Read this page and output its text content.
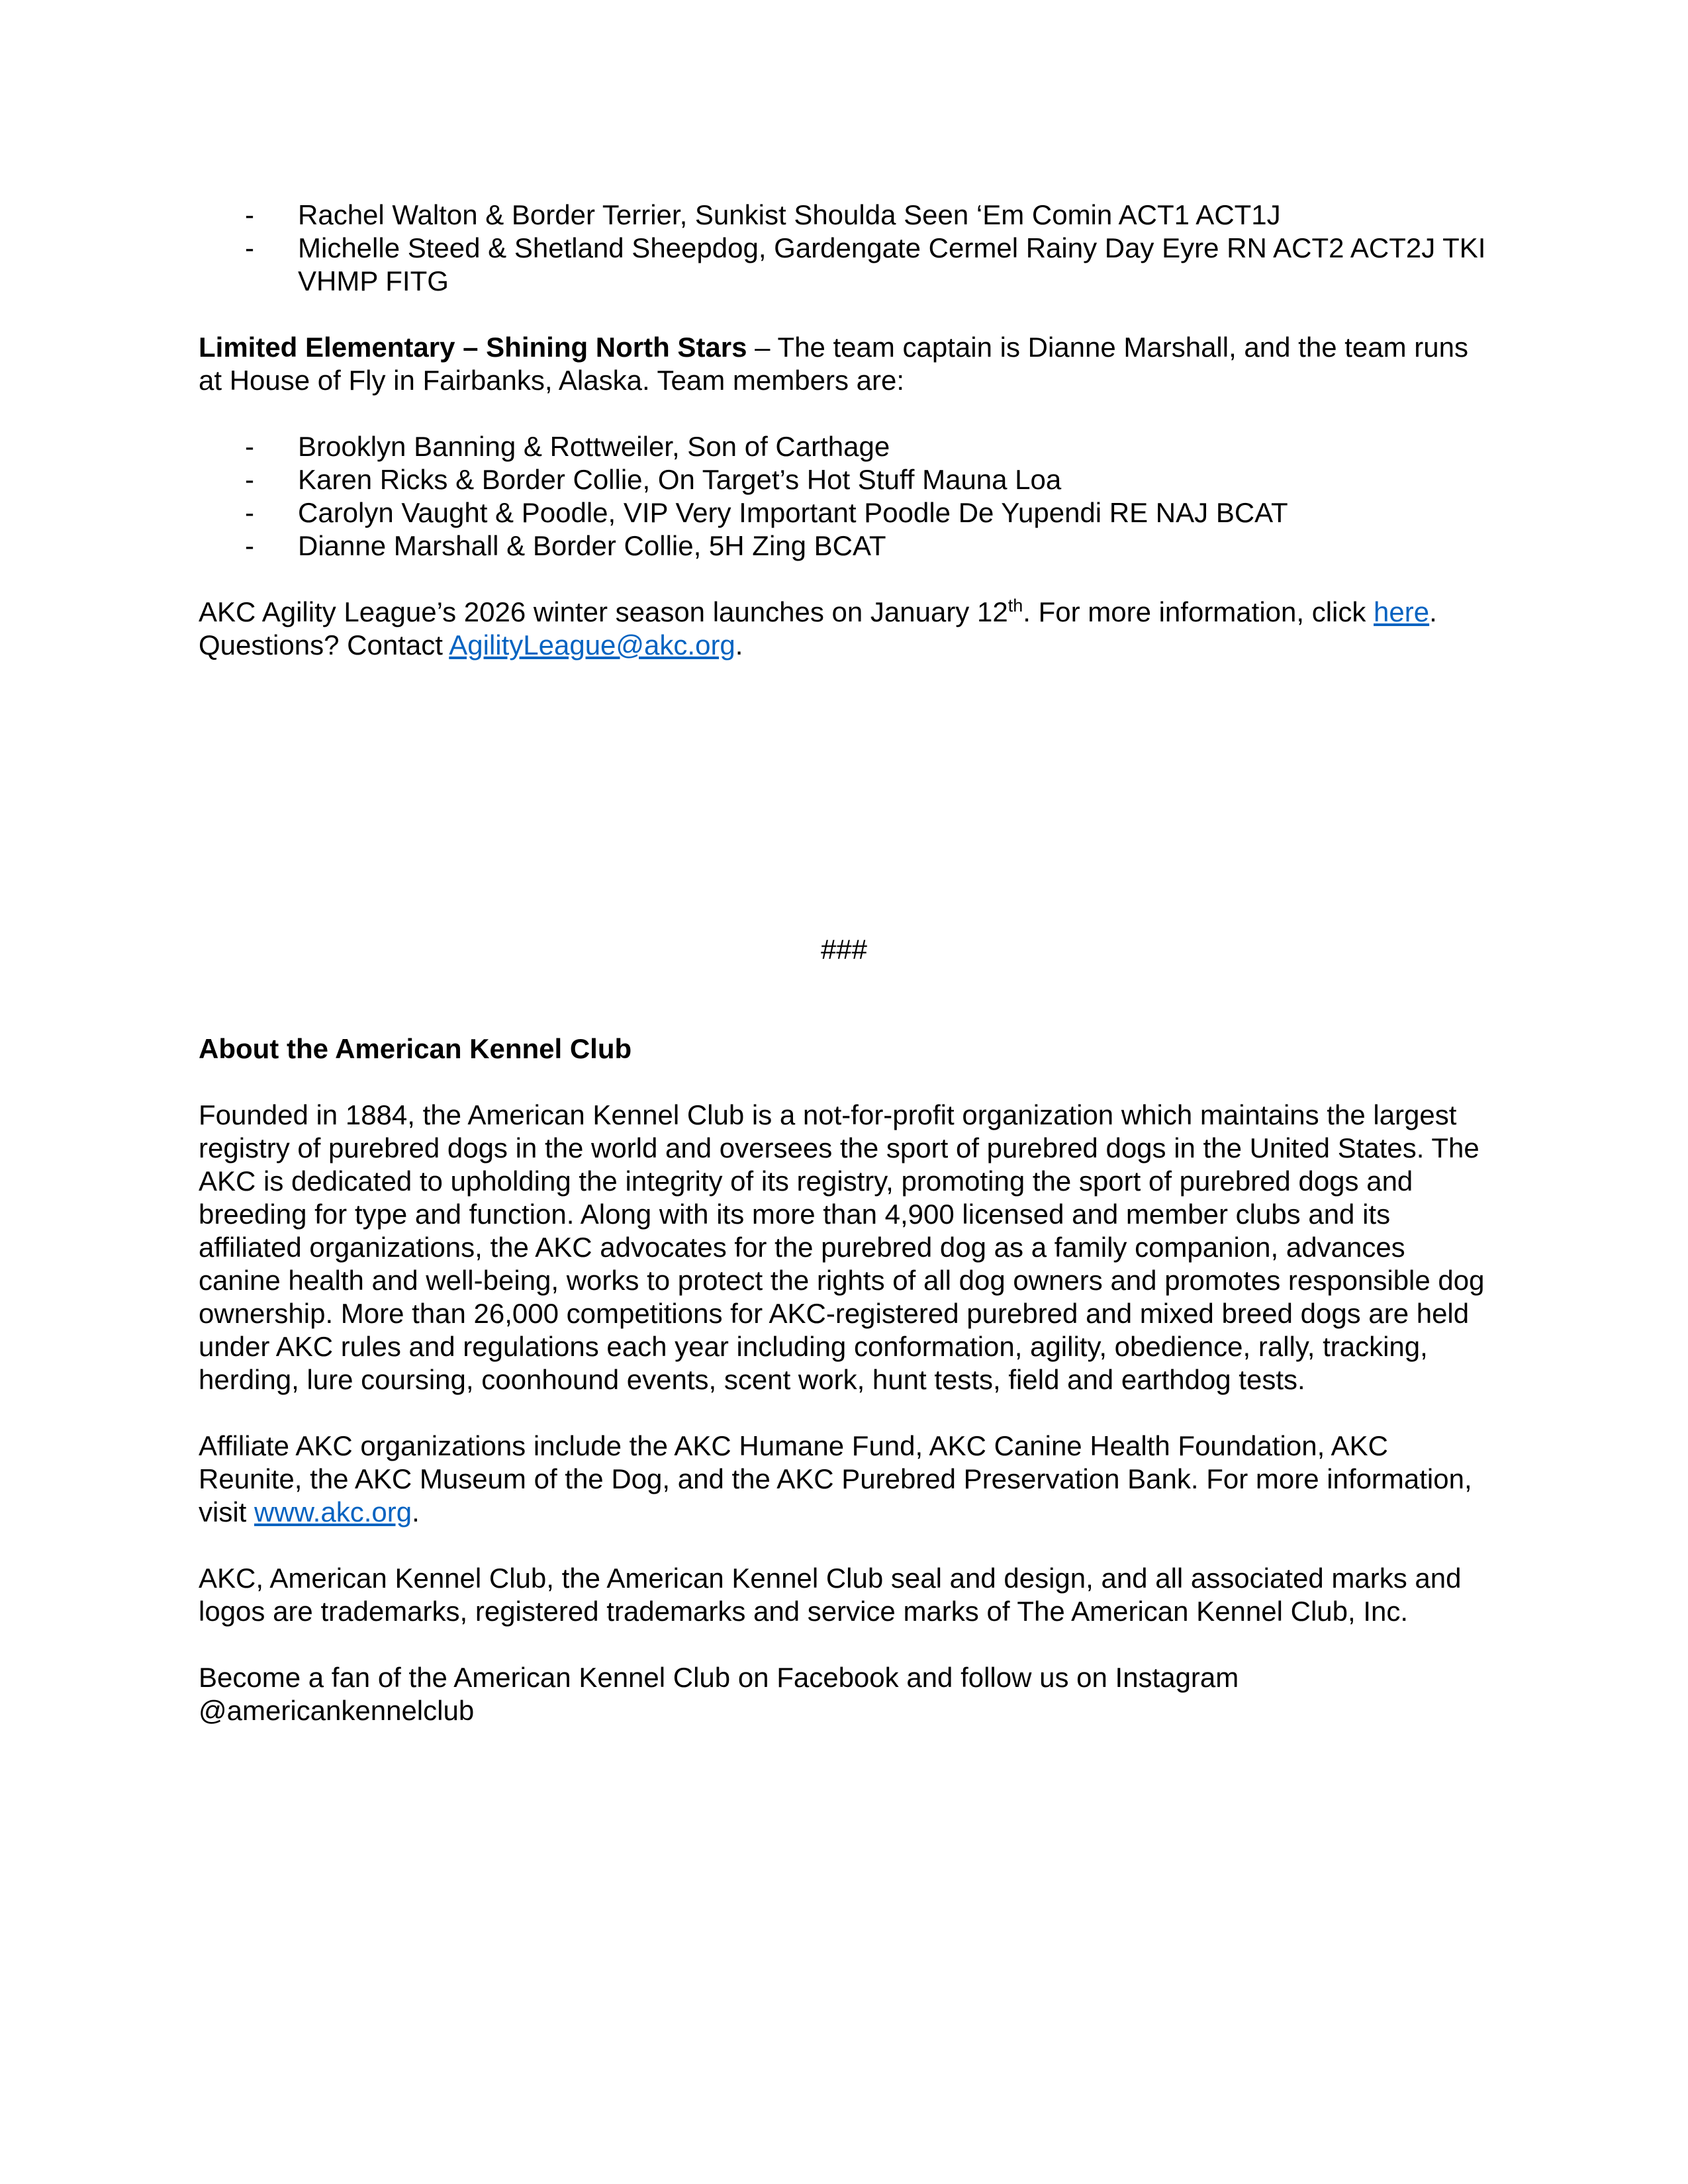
-	Rachel Walton & Border Terrier, Sunkist Shoulda Seen ‘Em Comin ACT1 ACT1J
-	Michelle Steed & Shetland Sheepdog, Gardengate Cermel Rainy Day Eyre RN ACT2 ACT2J TKI VHMP FITG

Limited Elementary – Shining North Stars – The team captain is Dianne Marshall, and the team runs at House of Fly in Fairbanks, Alaska. Team members are:

-	Brooklyn Banning & Rottweiler, Son of Carthage
-	Karen Ricks & Border Collie, On Target’s Hot Stuff Mauna Loa
-	Carolyn Vaught & Poodle, VIP Very Important Poodle De Yupendi RE NAJ BCAT
-	Dianne Marshall & Border Collie, 5H Zing BCAT

AKC Agility League’s 2026 winter season launches on January 12th. For more information, click here. Questions? Contact AgilityLeague@akc.org.

###

About the American Kennel Club

Founded in 1884, the American Kennel Club is a not-for-profit organization which maintains the largest registry of purebred dogs in the world and oversees the sport of purebred dogs in the United States. The AKC is dedicated to upholding the integrity of its registry, promoting the sport of purebred dogs and breeding for type and function. Along with its more than 4,900 licensed and member clubs and its affiliated organizations, the AKC advocates for the purebred dog as a family companion, advances canine health and well-being, works to protect the rights of all dog owners and promotes responsible dog ownership. More than 26,000 competitions for AKC-registered purebred and mixed breed dogs are held under AKC rules and regulations each year including conformation, agility, obedience, rally, tracking, herding, lure coursing, coonhound events, scent work, hunt tests, field and earthdog tests.

Affiliate AKC organizations include the AKC Humane Fund, AKC Canine Health Foundation, AKC Reunite, the AKC Museum of the Dog, and the AKC Purebred Preservation Bank. For more information, visit www.akc.org.

AKC, American Kennel Club, the American Kennel Club seal and design, and all associated marks and logos are trademarks, registered trademarks and service marks of The American Kennel Club, Inc.

Become a fan of the American Kennel Club on Facebook and follow us on Instagram @americankennelclub
